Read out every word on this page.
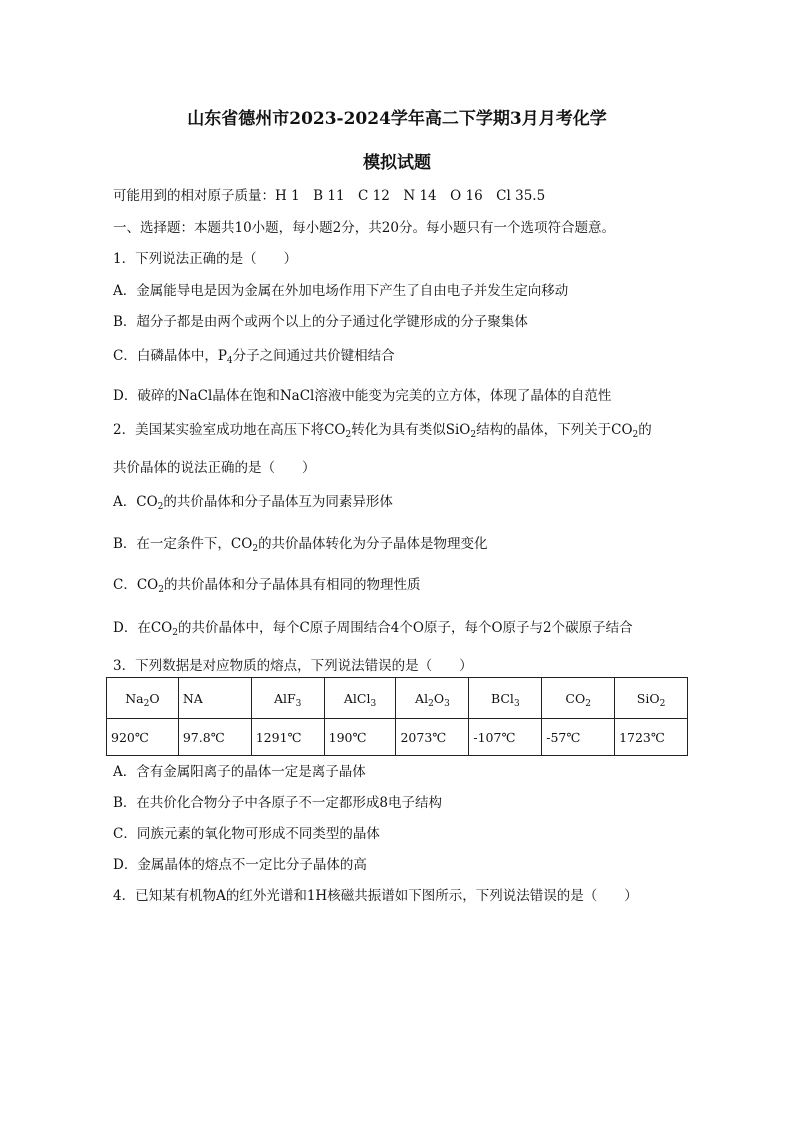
山东省德州市2023-2024学年高二下学期3月月考化学
模拟试题
可能用到的相对原子质量：H 1　B 11　C 12　N 14　O 16　Cl 35.5
一、选择题：本题共10小题，每小题2分，共20分。每小题只有一个选项符合题意。
1．下列说法正确的是（　　）
A．金属能导电是因为金属在外加电场作用下产生了自由电子并发生定向移动
B．超分子都是由两个或两个以上的分子通过化学键形成的分子聚集体
C．白磷晶体中，$P_4$分子之间通过共价键相结合
D．破碎的NaCl晶体在饱和NaCl溶液中能变为完美的立方体，体现了晶体的自范性
2．美国某实验室成功地在高压下将$CO_2$转化为具有类似SiO$_2$结构的晶体，下列关于$CO_2$的
共价晶体的说法正确的是（　　）
A．$CO_2$的共价晶体和分子晶体互为同素异形体
B．在一定条件下，$CO_2$的共价晶体转化为分子晶体是物理变化
C．$CO_2$的共价晶体和分子晶体具有相同的物理性质
D．在$CO_2$的共价晶体中，每个C原子周围结合4个O原子，每个O原子与2个碳原子结合
3．下列数据是对应物质的熔点，下列说法错误的是（　　）
$Na_2O$	NA	AlF$_3$	AlCl$_3$	$Al_2O_3$	BCl$_3$	$CO_2$	SiO$_2$
920℃	97.8℃	1291℃	190℃	2073℃	-107℃	-57℃	1723℃
A．含有金属阳离子的晶体一定是离子晶体
B．在共价化合物分子中各原子不一定都形成8电子结构
C．同族元素的氧化物可形成不同类型的晶体
D．金属晶体的熔点不一定比分子晶体的高
4．已知某有机物A的红外光谱和1H核磁共振谱如下图所示，下列说法错误的是（　　）
